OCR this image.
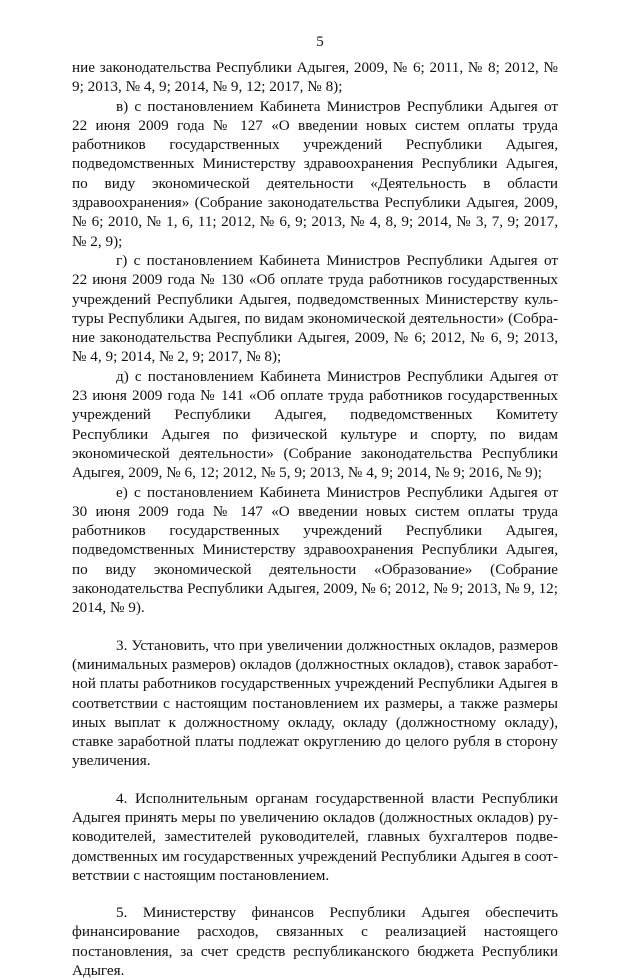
5

ние законодательства Республики Адыгея, 2009, № 6; 2011, № 8; 2012, № 9; 2013, № 4, 9; 2014, № 9, 12; 2017, № 8);

в) с постановлением Кабинета Министров Республики Адыгея от 22 июня 2009 года № 127 «О введении новых систем оплаты труда работников государственных учреждений Республики Адыгея, подведомственных Министерству здравоохранения Республики Адыгея, по виду экономической деятельности «Деятельность в области здравоохранения» (Собрание законодательства Республики Адыгея, 2009, № 6; 2010, № 1, 6, 11; 2012, № 6, 9; 2013, № 4, 8, 9; 2014, № 3, 7, 9; 2017, № 2, 9);

г) с постановлением Кабинета Министров Республики Адыгея от 22 июня 2009 года № 130 «Об оплате труда работников государственных учреждений Республики Адыгея, подведомственных Министерству культуры Республики Адыгея, по видам экономической деятельности» (Собрание законодательства Республики Адыгея, 2009, № 6; 2012, № 6, 9; 2013, № 4, 9; 2014, № 2, 9; 2017, № 8);

д) с постановлением Кабинета Министров Республики Адыгея от 23 июня 2009 года № 141 «Об оплате труда работников государственных учреждений Республики Адыгея, подведомственных Комитету Республики Адыгея по физической культуре и спорту, по видам экономической деятельности» (Собрание законодательства Республики Адыгея, 2009, № 6, 12; 2012, № 5, 9; 2013, № 4, 9; 2014, № 9; 2016, № 9);

е) с постановлением Кабинета Министров Республики Адыгея от 30 июня 2009 года № 147 «О введении новых систем оплаты труда работников государственных учреждений Республики Адыгея, подведомственных Министерству здравоохранения Республики Адыгея, по виду экономической деятельности «Образование» (Собрание законодательства Республики Адыгея, 2009, № 6; 2012, № 9; 2013, № 9, 12; 2014, № 9).

3. Установить, что при увеличении должностных окладов, размеров (минимальных размеров) окладов (должностных окладов), ставок заработной платы работников государственных учреждений Республики Адыгея в соответствии с настоящим постановлением их размеры, а также размеры иных выплат к должностному окладу, окладу (должностному окладу), ставке заработной платы подлежат округлению до целого рубля в сторону увеличения.

4. Исполнительным органам государственной власти Республики Адыгея принять меры по увеличению окладов (должностных окладов) руководителей, заместителей руководителей, главных бухгалтеров подведомственных им государственных учреждений Республики Адыгея в соответствии с настоящим постановлением.

5. Министерству финансов Республики Адыгея обеспечить финансирование расходов, связанных с реализацией настоящего постановления, за счет средств республиканского бюджета Республики Адыгея.
